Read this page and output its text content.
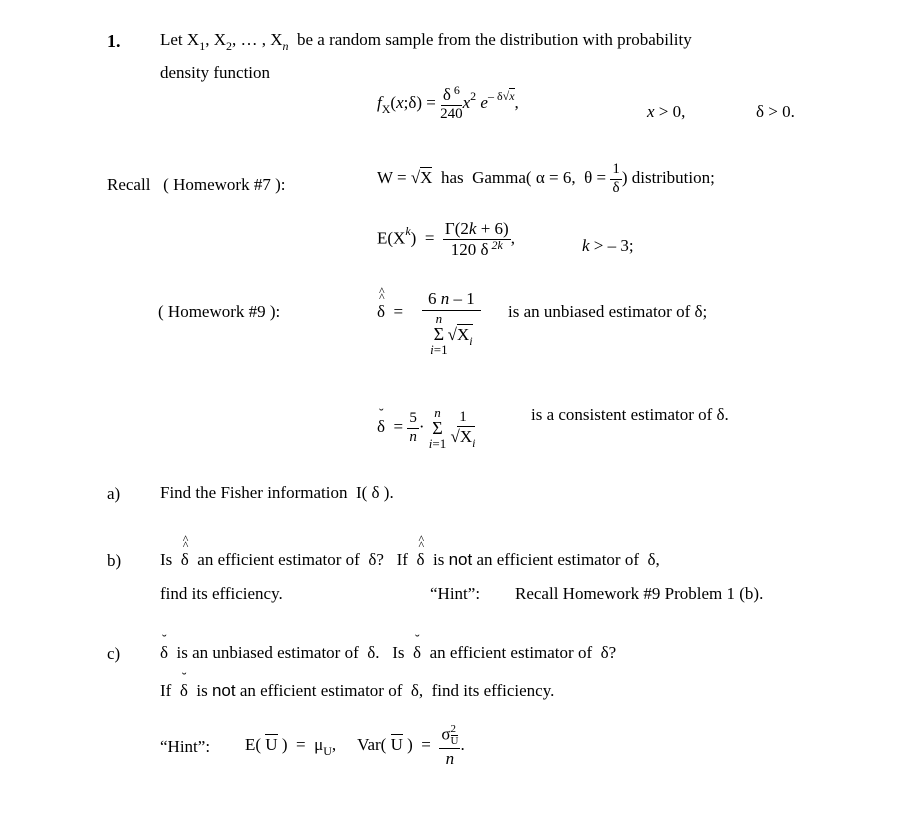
1. Let $X_1$, $X_2$, … , $X_n$  be a random sample from the distribution with probability
density function
$f_X(x;\delta) = \frac{\delta ^6}{240} x^2$ $e^{- \delta√x}$,	x > 0,	δ > 0.
Recall ( Homework #7 ):	W = √X  has  Gamma( α = 6,  $\theta = \frac{1}{\delta}$ ) distribution;
$E(X^k) = \frac{\Gamma(2k + 6)}{120 \delta ^{2k}}$ ,	k > – 3;
( Homework #9 ):	^ δ ^  = 6 n – 1
n
Σ
i=1
$√X_i$ is an unbiased estimator of δ;
˘ $\delta = \frac{5}{n}$ ·
n
Σ
i=1
$\frac{1}{√X_i}$	is a consistent estimator of δ.
a) Find the Fisher information  I( δ ).
b) Is  ^ δ ^  an efficient estimator of  δ?   If  ^ δ ^  is not an efficient estimator of  δ,
find its efficiency.	“Hint”: Recall Homework #9 Problem 1 (b).
c) ˘ δ  is an unbiased estimator of  δ.   Is  ˘ δ  an efficient estimator of  δ?
If  ˘ δ  is not an efficient estimator of  δ,  find its efficiency.
“Hint”: E( U )  =  $\mu_U$,     Var( U )  = $\frac{\sigma \frac{2}{U}}{n}$ .
